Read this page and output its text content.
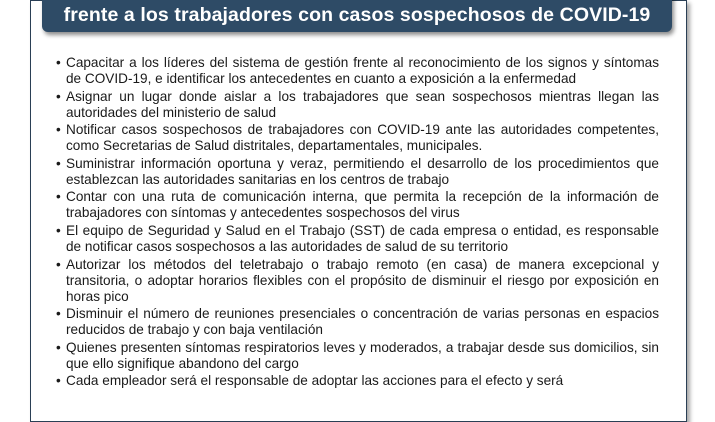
frente a los trabajadores con casos sospechosos de COVID-19
• Capacitar a los líderes del sistema de gestión frente al reconocimiento de los signos y síntomas de COVID-19, e identificar los antecedentes en cuanto a exposición a la enfermedad
• Asignar un lugar donde aislar a los trabajadores que sean sospechosos mientras llegan las autoridades del ministerio de salud
• Notificar casos sospechosos de trabajadores con COVID-19 ante las autoridades competentes, como Secretarias de Salud distritales, departamentales, municipales.
• Suministrar información oportuna y veraz, permitiendo el desarrollo de los procedimientos que establezcan las autoridades sanitarias en los centros de trabajo
• Contar con una ruta de comunicación interna, que permita la recepción de la información de trabajadores con síntomas y antecedentes sospechosos del virus
• El equipo de Seguridad y Salud en el Trabajo (SST) de cada empresa o entidad, es responsable de notificar casos sospechosos a las autoridades de salud de su territorio
• Autorizar los métodos del teletrabajo o trabajo remoto (en casa) de manera excepcional y transitoria, o adoptar horarios flexibles con el propósito de disminuir el riesgo por exposición en horas pico
• Disminuir el número de reuniones presenciales o concentración de varias personas en espacios reducidos de trabajo y con baja ventilación
• Quienes presenten síntomas respiratorios leves y moderados, a trabajar desde sus domicilios, sin que ello signifique abandono del cargo
• Cada empleador será el responsable de adoptar las acciones para el efecto y será
